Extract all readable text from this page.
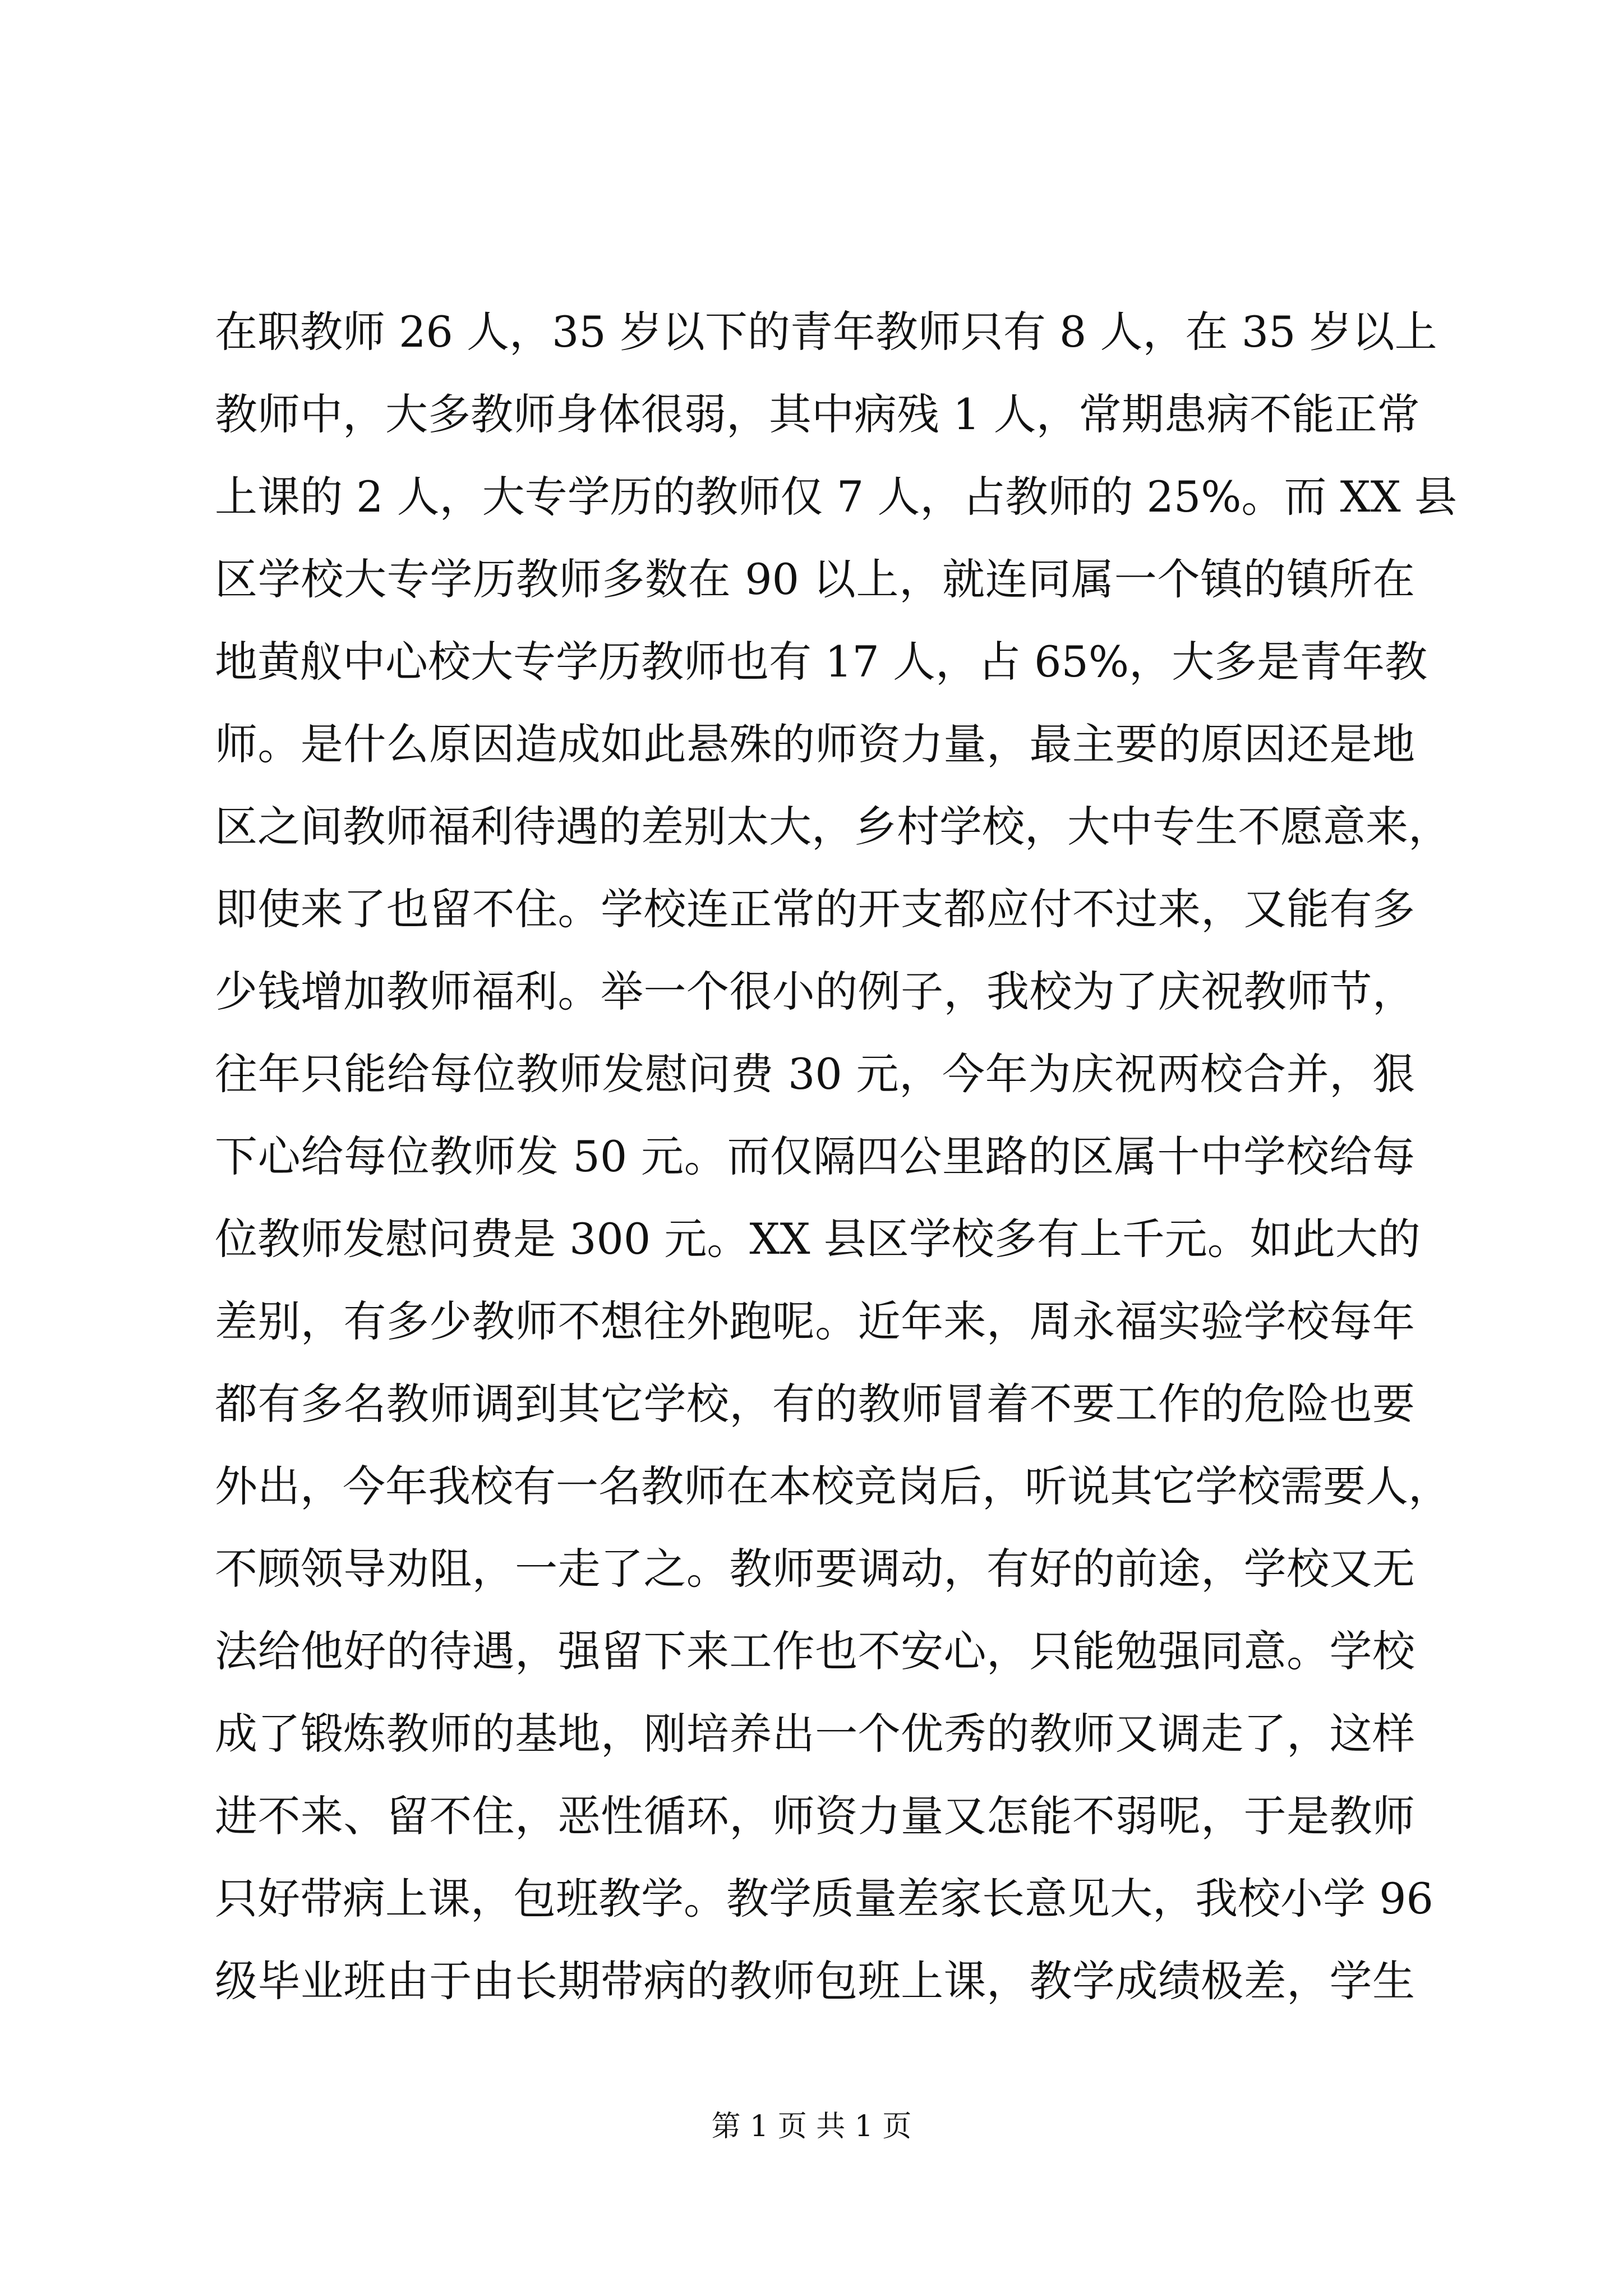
在职教师 26 人，35 岁以下的青年教师只有 8 人，在 35 岁以上
教师中，大多教师身体很弱，其中病残 1 人，常期患病不能正常
上课的 2 人，大专学历的教师仅 7 人，占教师的 25%。而 XX 县
区学校大专学历教师多数在 90 以上，就连同属一个镇的镇所在
地黄舣中心校大专学历教师也有 17 人，占 65%，大多是青年教
师。是什么原因造成如此悬殊的师资力量，最主要的原因还是地
区之间教师福利待遇的差别太大，乡村学校，大中专生不愿意来，
即使来了也留不住。学校连正常的开支都应付不过来，又能有多
少钱增加教师福利。举一个很小的例子，我校为了庆祝教师节，
往年只能给每位教师发慰问费 30 元，今年为庆祝两校合并，狠
下心给每位教师发 50 元。而仅隔四公里路的区属十中学校给每
位教师发慰问费是 300 元。XX 县区学校多有上千元。如此大的
差别，有多少教师不想往外跑呢。近年来，周永福实验学校每年
都有多名教师调到其它学校，有的教师冒着不要工作的危险也要
外出，今年我校有一名教师在本校竞岗后，听说其它学校需要人，
不顾领导劝阻，一走了之。教师要调动，有好的前途，学校又无
法给他好的待遇，强留下来工作也不安心，只能勉强同意。学校
成了锻炼教师的基地，刚培养出一个优秀的教师又调走了，这样
进不来、留不住，恶性循环，师资力量又怎能不弱呢，于是教师
只好带病上课，包班教学。教学质量差家长意见大，我校小学 96
级毕业班由于由长期带病的教师包班上课，教学成绩极差，学生
第 1 页 共 1 页
